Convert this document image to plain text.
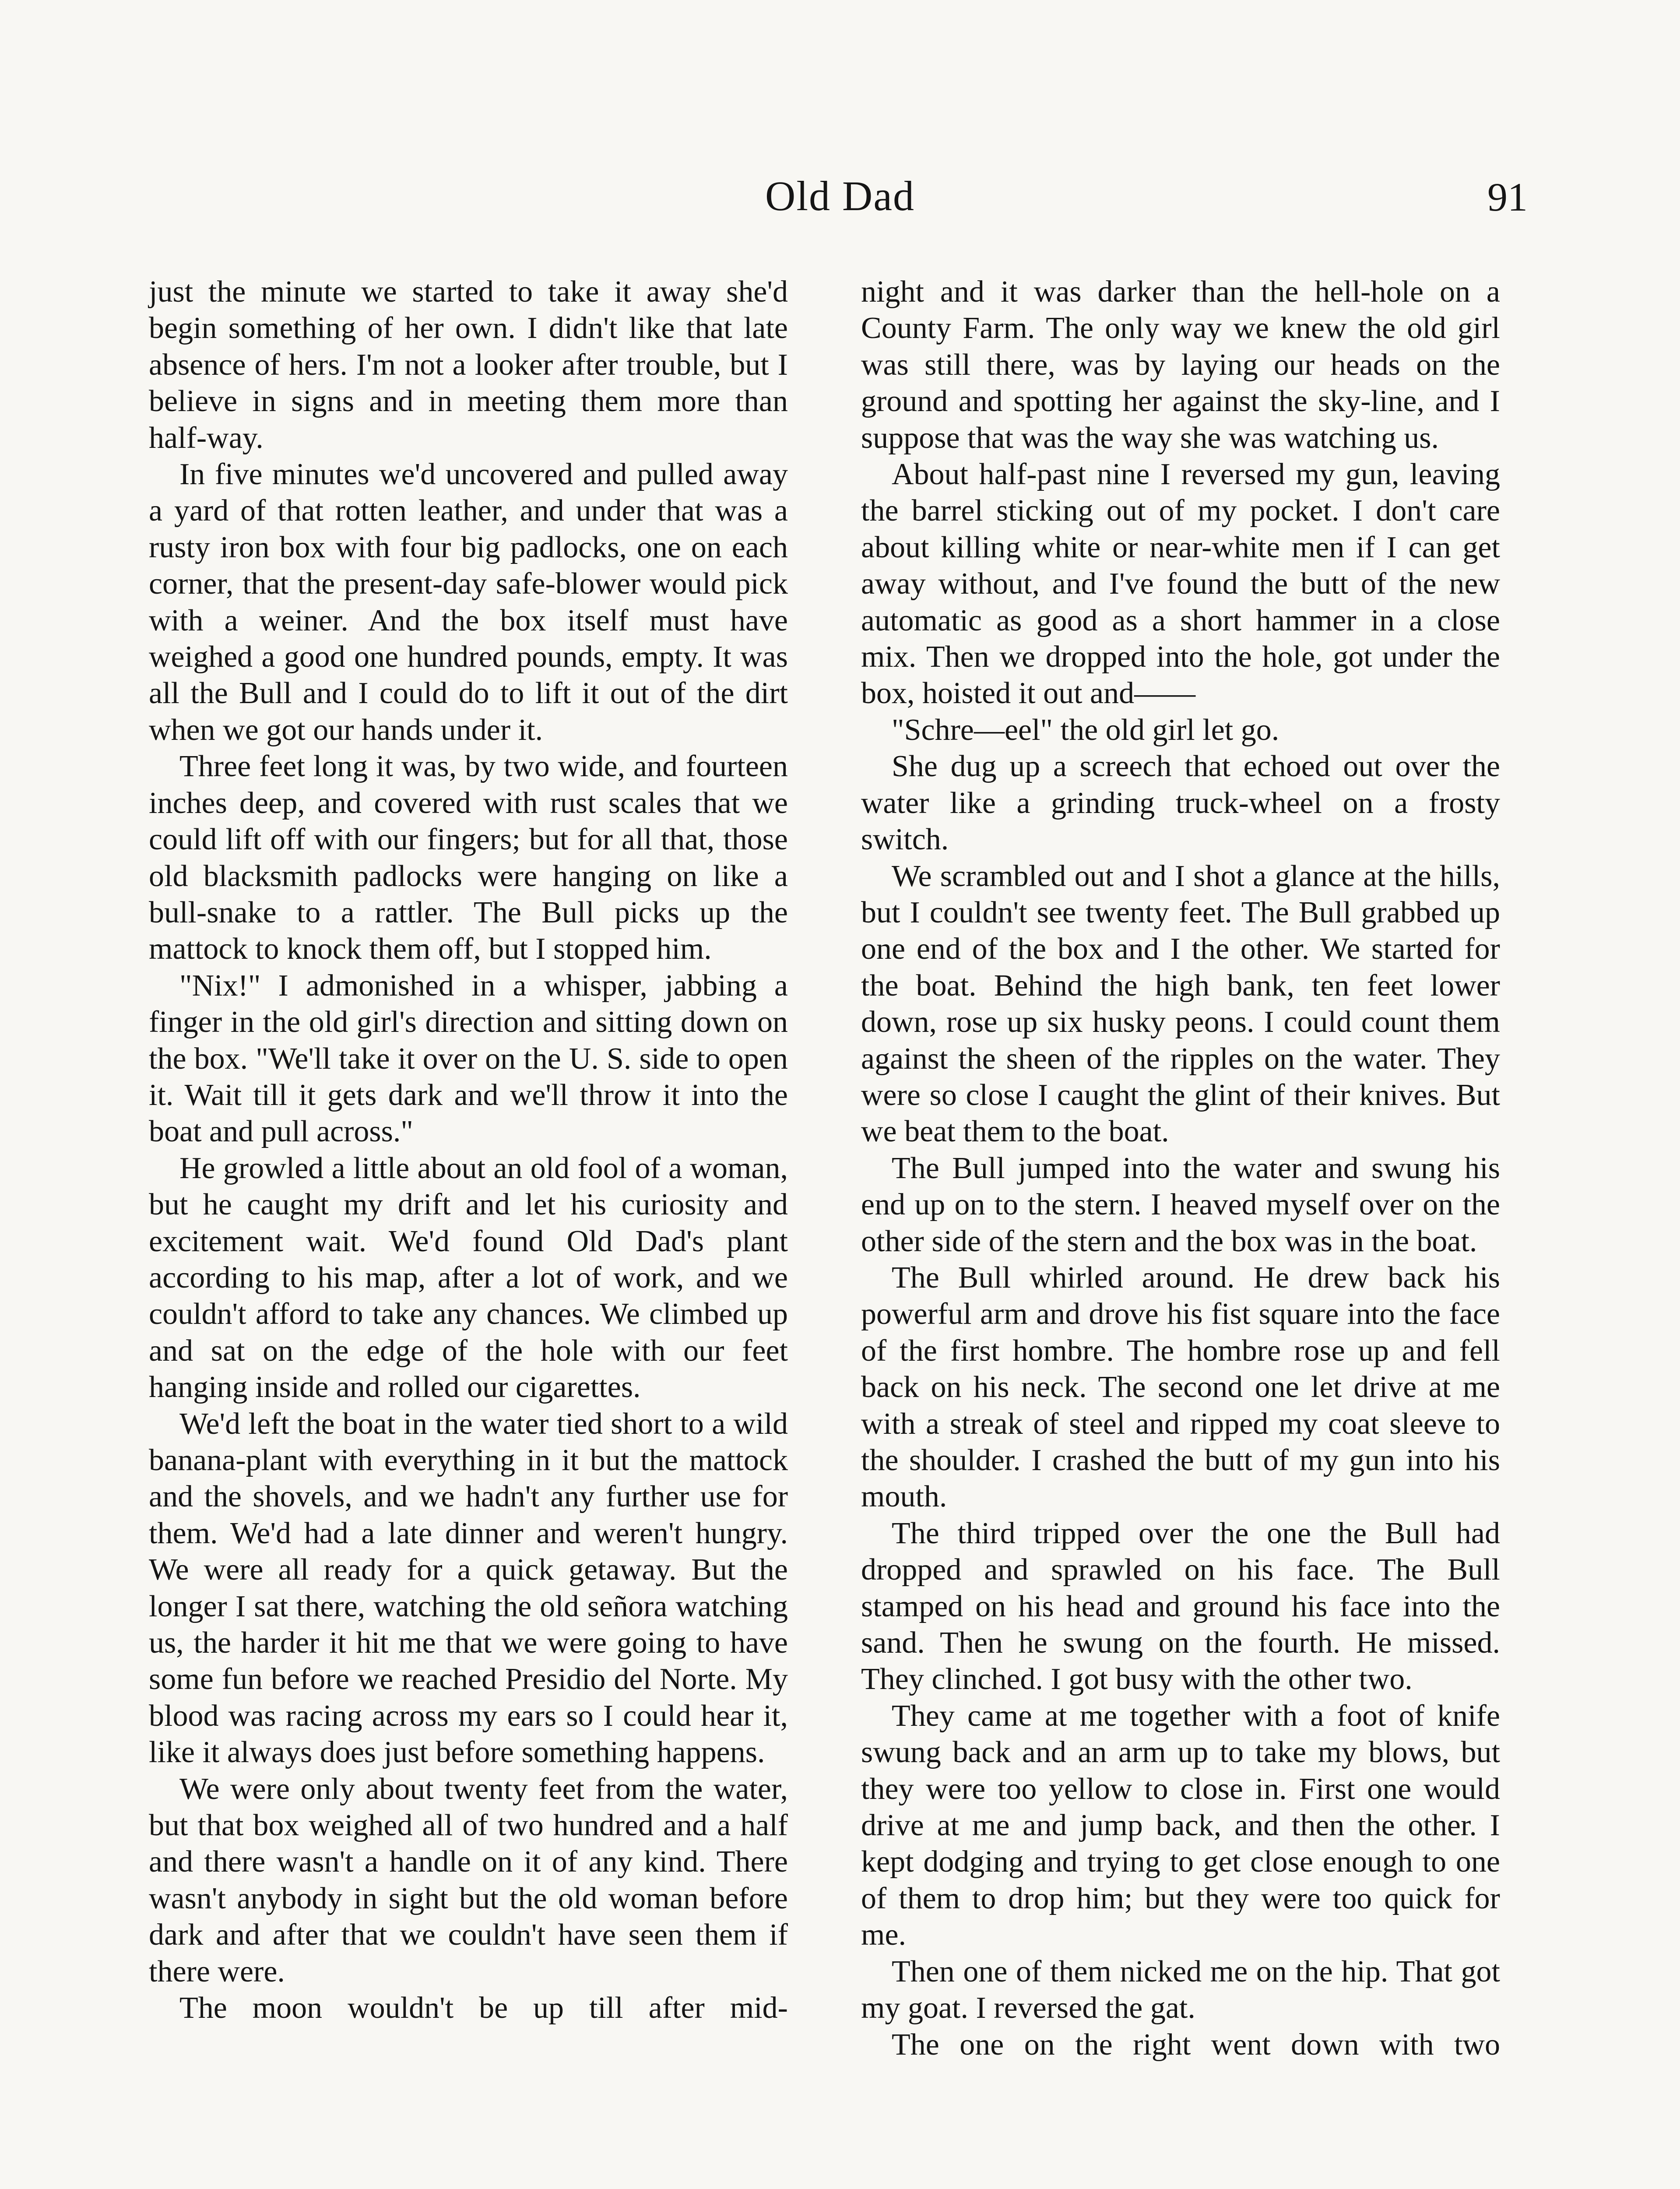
Old Dad	91

just the minute we started to take it away she'd begin something of her own. I didn't like that late absence of hers. I'm not a looker after trouble, but I believe in signs and in meeting them more than half-way.

In five minutes we'd uncovered and pulled away a yard of that rotten leather, and under that was a rusty iron box with four big padlocks, one on each corner, that the present-day safe-blower would pick with a weiner. And the box itself must have weighed a good one hundred pounds, empty. It was all the Bull and I could do to lift it out of the dirt when we got our hands under it.

Three feet long it was, by two wide, and fourteen inches deep, and covered with rust scales that we could lift off with our fingers; but for all that, those old blacksmith padlocks were hanging on like a bull-snake to a rattler. The Bull picks up the mattock to knock them off, but I stopped him.

"Nix!" I admonished in a whisper, jabbing a finger in the old girl's direction and sitting down on the box. "We'll take it over on the U. S. side to open it. Wait till it gets dark and we'll throw it into the boat and pull across."

He growled a little about an old fool of a woman, but he caught my drift and let his curiosity and excitement wait. We'd found Old Dad's plant according to his map, after a lot of work, and we couldn't afford to take any chances. We climbed up and sat on the edge of the hole with our feet hanging inside and rolled our cigarettes.

We'd left the boat in the water tied short to a wild banana-plant with everything in it but the mattock and the shovels, and we hadn't any further use for them. We'd had a late dinner and weren't hungry. We were all ready for a quick getaway. But the longer I sat there, watching the old señora watching us, the harder it hit me that we were going to have some fun before we reached Presidio del Norte. My blood was racing across my ears so I could hear it, like it always does just before something happens.

We were only about twenty feet from the water, but that box weighed all of two hundred and a half and there wasn't a handle on it of any kind. There wasn't anybody in sight but the old woman before dark and after that we couldn't have seen them if there were.

The moon wouldn't be up till after mid-

night and it was darker than the hell-hole on a County Farm. The only way we knew the old girl was still there, was by laying our heads on the ground and spotting her against the sky-line, and I suppose that was the way she was watching us.

About half-past nine I reversed my gun, leaving the barrel sticking out of my pocket. I don't care about killing white or near-white men if I can get away without, and I've found the butt of the new automatic as good as a short hammer in a close mix. Then we dropped into the hole, got under the box, hoisted it out and——

"Schre—eel" the old girl let go.

She dug up a screech that echoed out over the water like a grinding truck-wheel on a frosty switch.

We scrambled out and I shot a glance at the hills, but I couldn't see twenty feet. The Bull grabbed up one end of the box and I the other. We started for the boat. Behind the high bank, ten feet lower down, rose up six husky peons. I could count them against the sheen of the ripples on the water. They were so close I caught the glint of their knives. But we beat them to the boat.

The Bull jumped into the water and swung his end up on to the stern. I heaved myself over on the other side of the stern and the box was in the boat.

The Bull whirled around. He drew back his powerful arm and drove his fist square into the face of the first hombre. The hombre rose up and fell back on his neck. The second one let drive at me with a streak of steel and ripped my coat sleeve to the shoulder. I crashed the butt of my gun into his mouth.

The third tripped over the one the Bull had dropped and sprawled on his face. The Bull stamped on his head and ground his face into the sand. Then he swung on the fourth. He missed. They clinched. I got busy with the other two.

They came at me together with a foot of knife swung back and an arm up to take my blows, but they were too yellow to close in. First one would drive at me and jump back, and then the other. I kept dodging and trying to get close enough to one of them to drop him; but they were too quick for me.

Then one of them nicked me on the hip. That got my goat. I reversed the gat.

The one on the right went down with two
